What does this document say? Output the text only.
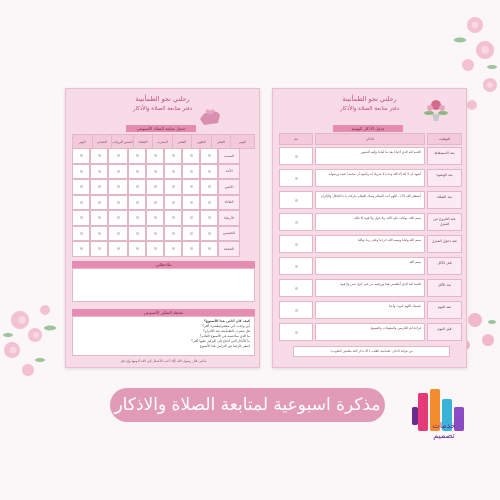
رحلتي نحو الطمأنينة
دفتر متابعة الصلاة والأذكار
جدول متابعة الصلاة الأسبوعي
الوتر	الضحى	السنن الرواتب	العشاء	المغرب	العصر	الظهر	الفجر	اليوم
السبت
الأحد
الاثنين
الثلاثاء
الأربعاء
الخميس
الجمعة
ملاحظاتي
محطة التفكير الأسبوعي
كيف كان أدائي هذا الأسبوع؟
أين وجدت أني مقصر/مقصرة أكثر؟
هل شعرت بالطمأنينة عند الالتزام؟
ما الذي سأحسنه في الأسبوع القادم؟
ما الأذكار التي أحتاج إلى التركيز عليها أكثر؟
أشعر بالرضا عن التزامي هذا الأسبوع
تذكير: قال رسول الله ﷺ: أحب الأعمال إلى الله أدومها وإن قل
رحلتي نحو الطمأنينة
دفتر متابعة الصلاة والأذكار
جدول الأذكار اليومية
تم	الذكر	التوقيت
الحمد لله الذي أحيانا بعد ما أماتنا وإليه النشور	بعد الاستيقاظ
أشهد أن لا إله إلا الله وحده لا شريك له وأشهد أن محمدا عبده ورسوله	بعد الوضوء
أستغفر الله (3) - اللهم أنت السلام ومنك السلام تباركت يا ذا الجلال والإكرام	بعد الصلاة
بسم الله، توكلت على الله، ولا حول ولا قوة إلا بالله	عند الخروج من المنزل
بسم الله ولجنا وبسم الله خرجنا وعلى ربنا توكلنا	عند دخول المنزل
بسم الله	قبل الأكل
الحمد لله الذي أطعمني هذا ورزقنيه من غير حول مني ولا قوة	بعد الأكل
باسمك اللهم أموت وأحيا	عند النوم
قراءة آية الكرسي والمعوذات والتسبيح	قبل النوم
من فوائد الذكر: طمأنينة القلب ﴿ألا بذكر الله تطمئن القلوب﴾
مذكرة اسبوعية لمتابعة الصلاة والاذكار
خدمات
تصميم
